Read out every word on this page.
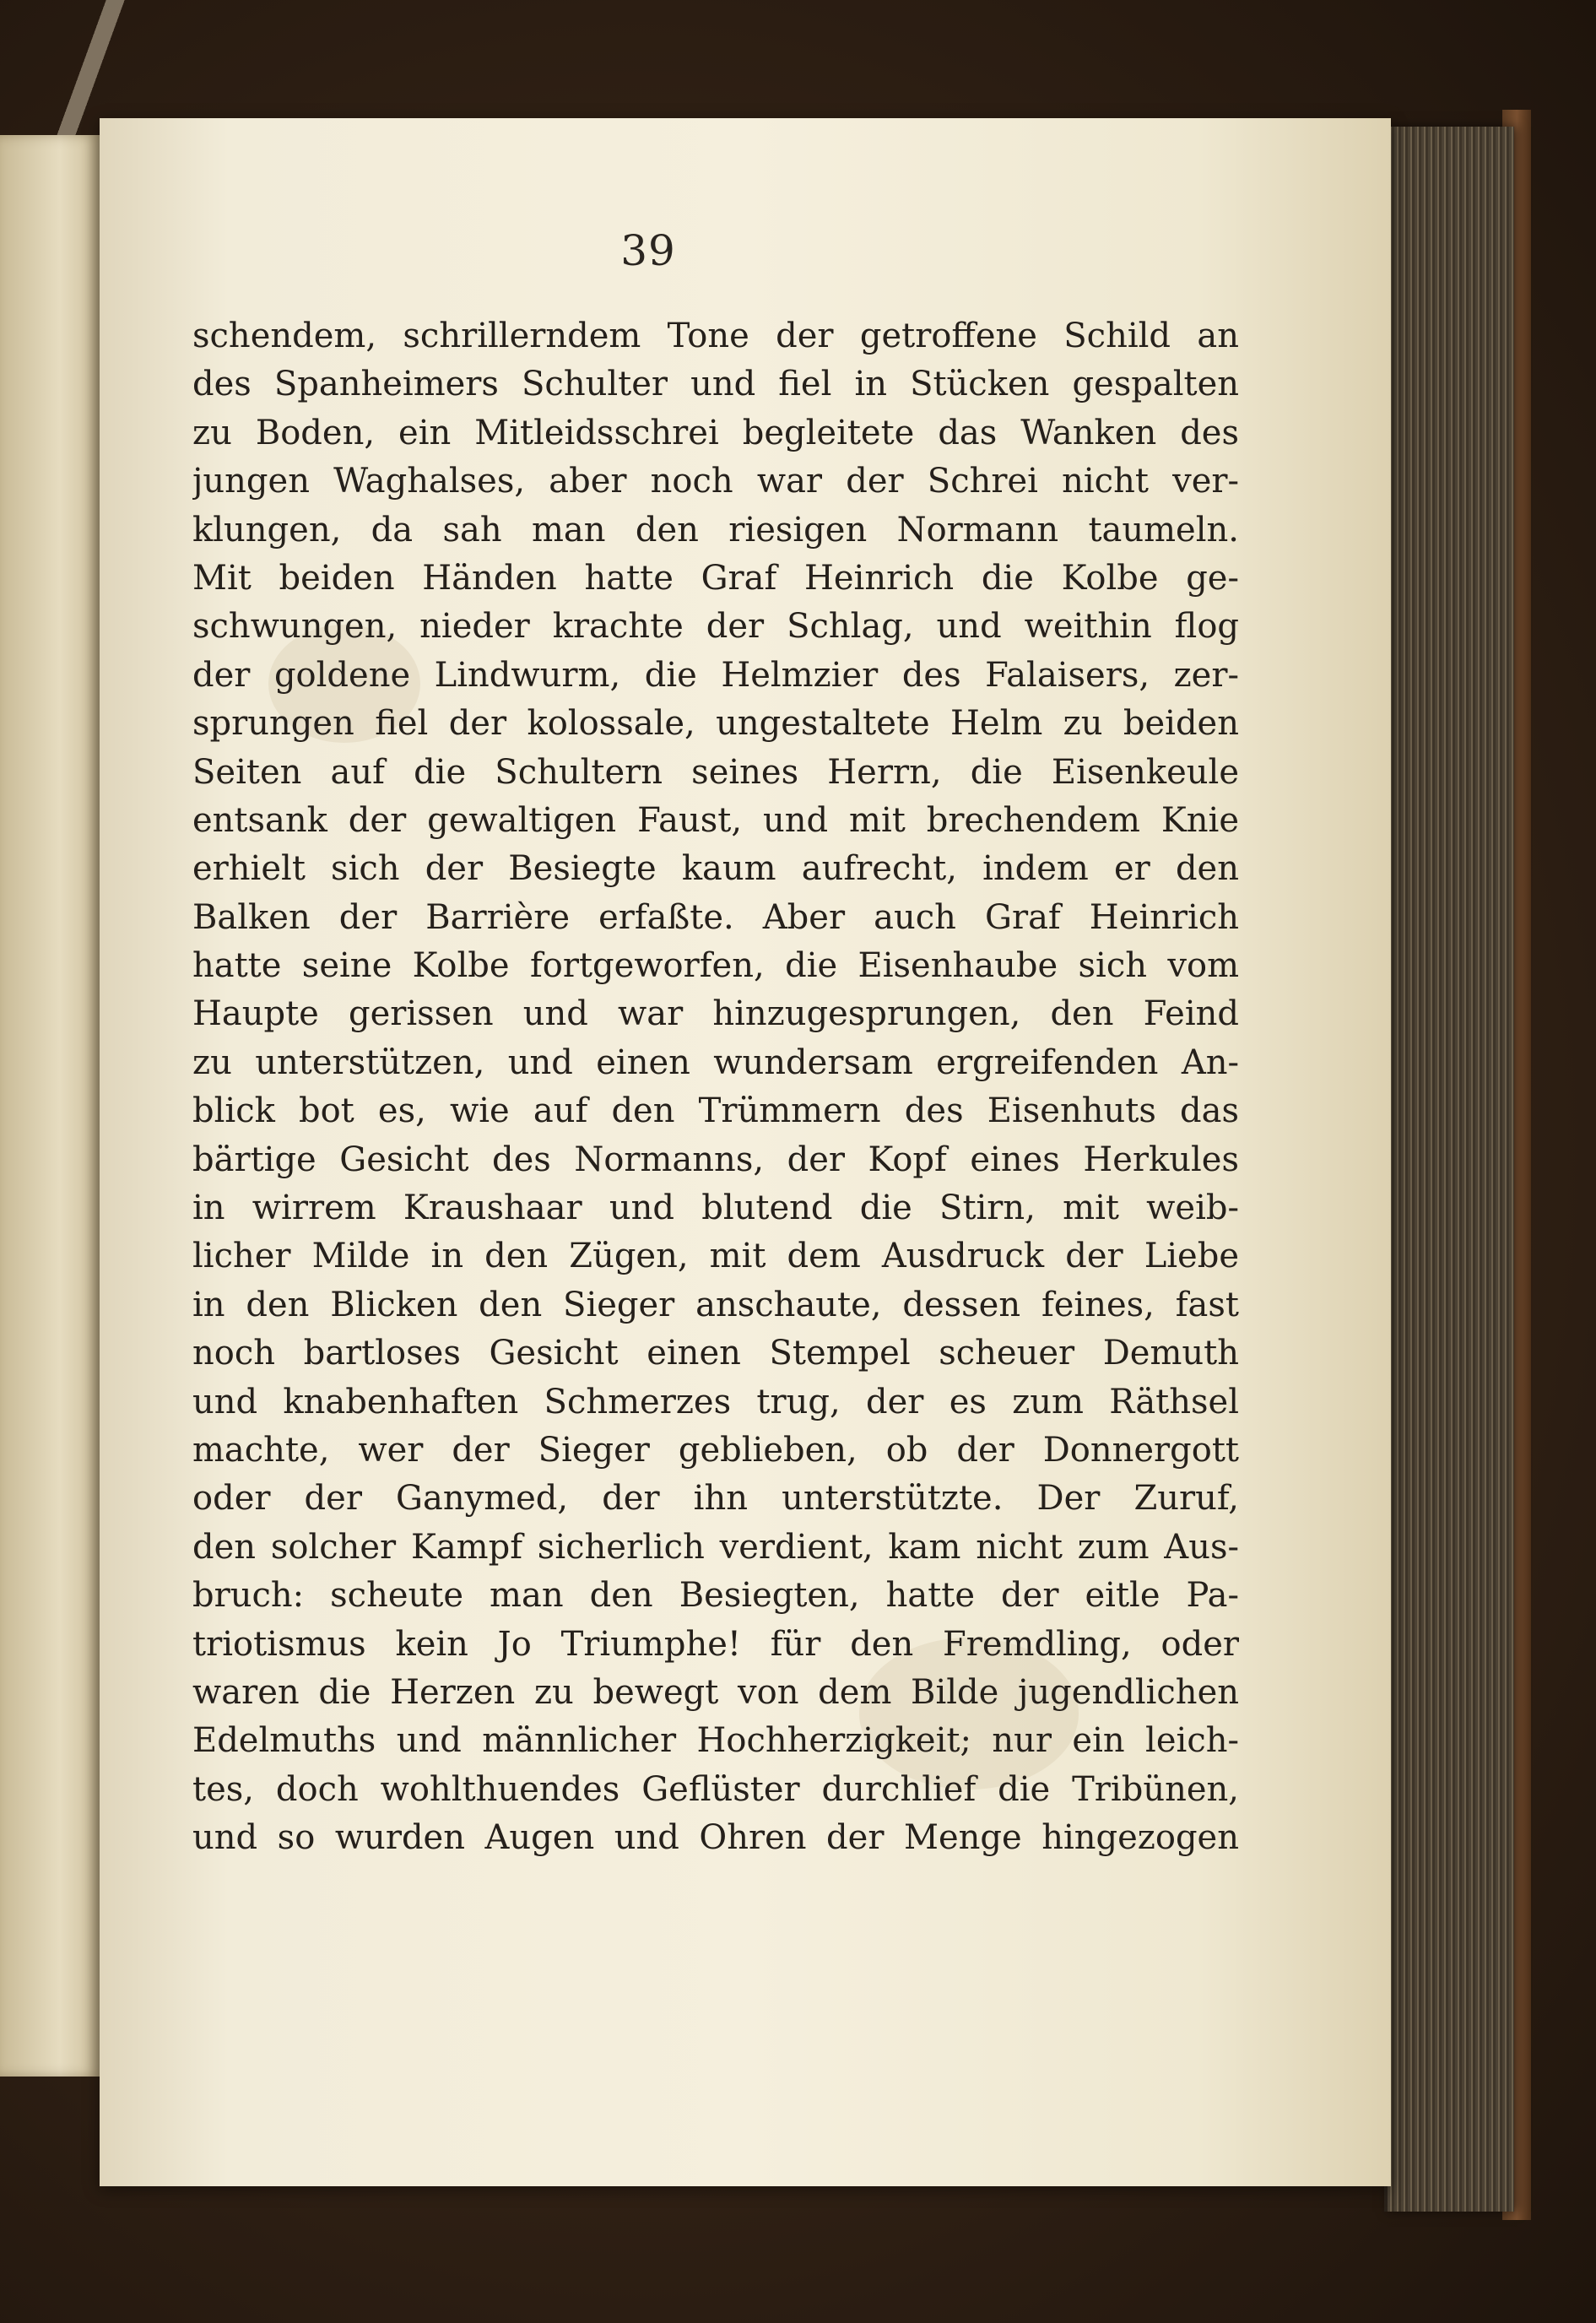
39
schendem, schrillerndem Tone der getroffene Schild an
des Spanheimers Schulter und fiel in Stücken gespalten
zu Boden, ein Mitleidsschrei begleitete das Wanken des
jungen Waghalses, aber noch war der Schrei nicht ver-
klungen, da sah man den riesigen Normann taumeln.
Mit beiden Händen hatte Graf Heinrich die Kolbe ge-
schwungen, nieder krachte der Schlag, und weithin flog
der goldene Lindwurm, die Helmzier des Falaisers, zer-
sprungen fiel der kolossale, ungestaltete Helm zu beiden
Seiten auf die Schultern seines Herrn, die Eisenkeule
entsank der gewaltigen Faust, und mit brechendem Knie
erhielt sich der Besiegte kaum aufrecht, indem er den
Balken der Barrière erfaßte. Aber auch Graf Heinrich
hatte seine Kolbe fortgeworfen, die Eisenhaube sich vom
Haupte gerissen und war hinzugesprungen, den Feind
zu unterstützen, und einen wundersam ergreifenden An-
blick bot es, wie auf den Trümmern des Eisenhuts das
bärtige Gesicht des Normanns, der Kopf eines Herkules
in wirrem Kraushaar und blutend die Stirn, mit weib-
licher Milde in den Zügen, mit dem Ausdruck der Liebe
in den Blicken den Sieger anschaute, dessen feines, fast
noch bartloses Gesicht einen Stempel scheuer Demuth
und knabenhaften Schmerzes trug, der es zum Räthsel
machte, wer der Sieger geblieben, ob der Donnergott
oder der Ganymed, der ihn unterstützte. Der Zuruf,
den solcher Kampf sicherlich verdient, kam nicht zum Aus-
bruch: scheute man den Besiegten, hatte der eitle Pa-
triotismus kein Jo Triumphe! für den Fremdling, oder
waren die Herzen zu bewegt von dem Bilde jugendlichen
Edelmuths und männlicher Hochherzigkeit; nur ein leich-
tes, doch wohlthuendes Geflüster durchlief die Tribünen,
und so wurden Augen und Ohren der Menge hingezogen
